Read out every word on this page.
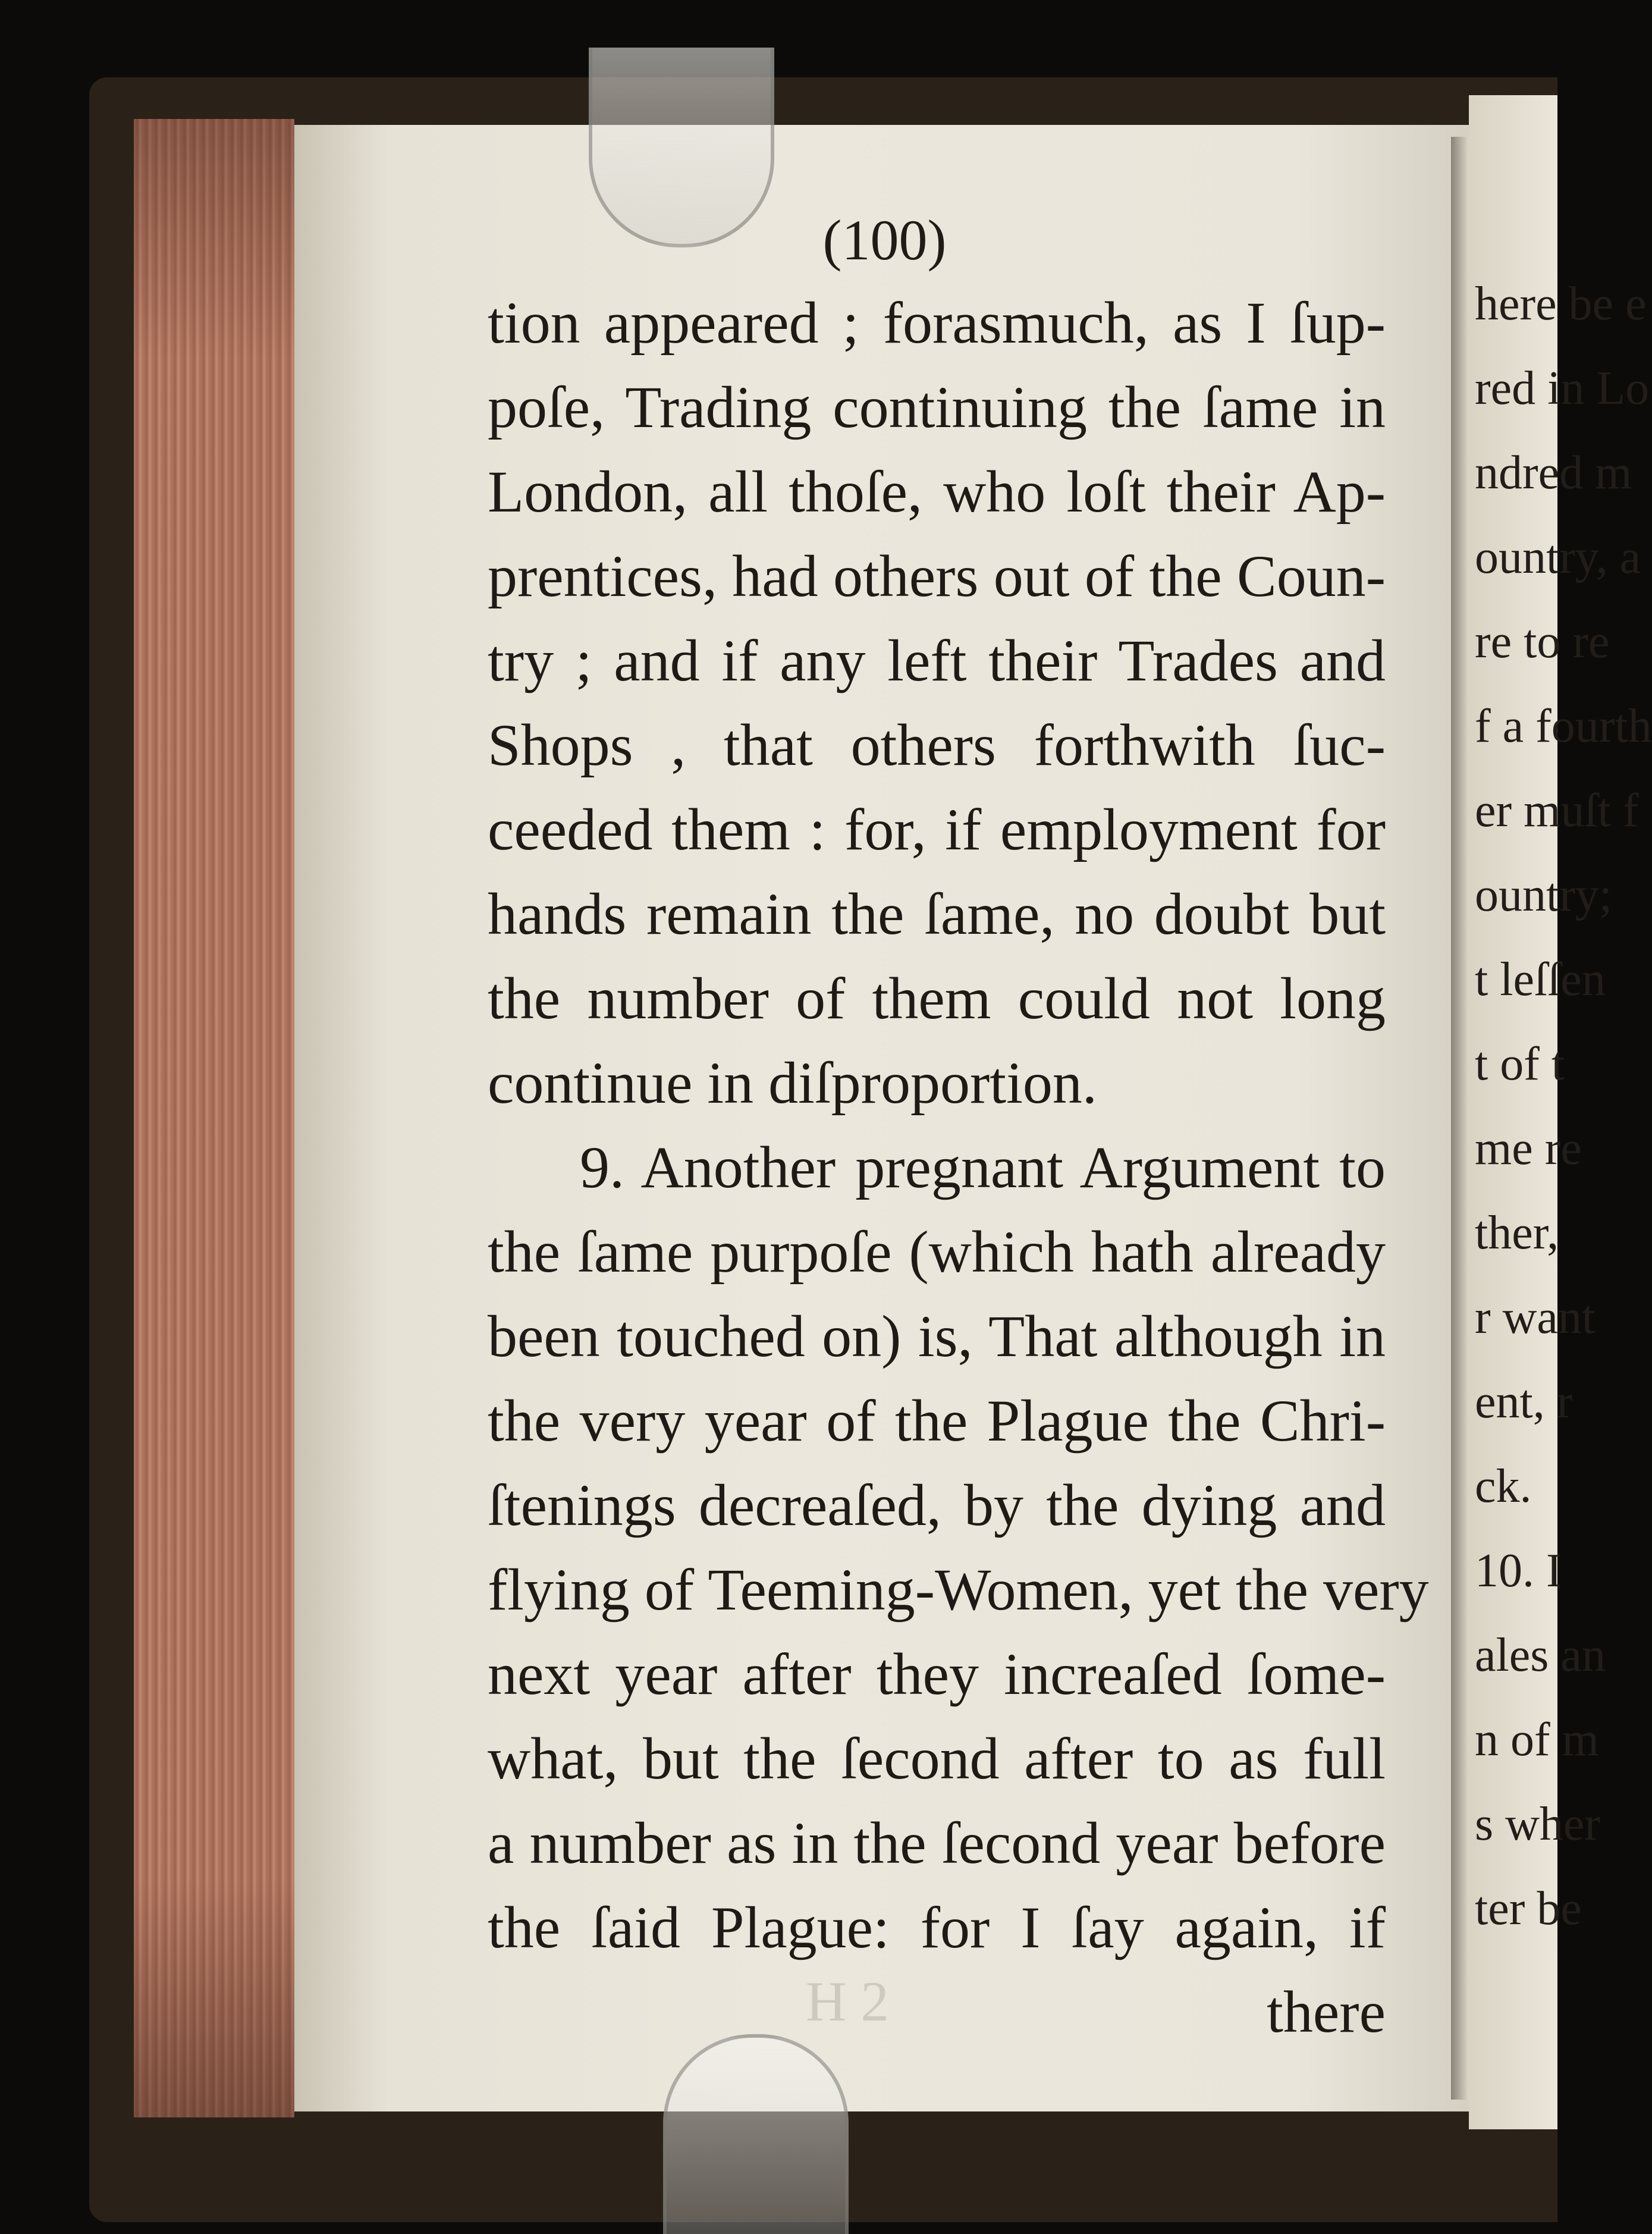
(100)
tion appeared ; forasmuch, as I ſup-
poſe, Trading continuing the ſame in
London, all thoſe, who loſt their Ap-
prentices, had others out of the Coun-
try ; and if any left their Trades and
Shops , that others forthwith ſuc-
ceeded them : for, if employment for
hands remain the ſame, no doubt but
the number of them could not long
continue in diſproportion.
9. Another pregnant Argument to
the ſame purpoſe (which hath already
been touched on) is, That although in
the very year of the Plague the Chri-
ſtenings decreaſed, by the dying and
flying of Teeming-Women, yet the very
next year after they increaſed ſome-
what, but the ſecond after to as full
a number as in the ſecond year before
the ſaid Plague: for I ſay again, if
there
H 2
here be e
red in Lo
ndred m
ountry, a
re to re
f a fourth
er muſt f
ountry;
t leſſen
t of t
me re
ther,
r want
ent, r
ck.
10. I
ales an
n of m
s wher
ter be
